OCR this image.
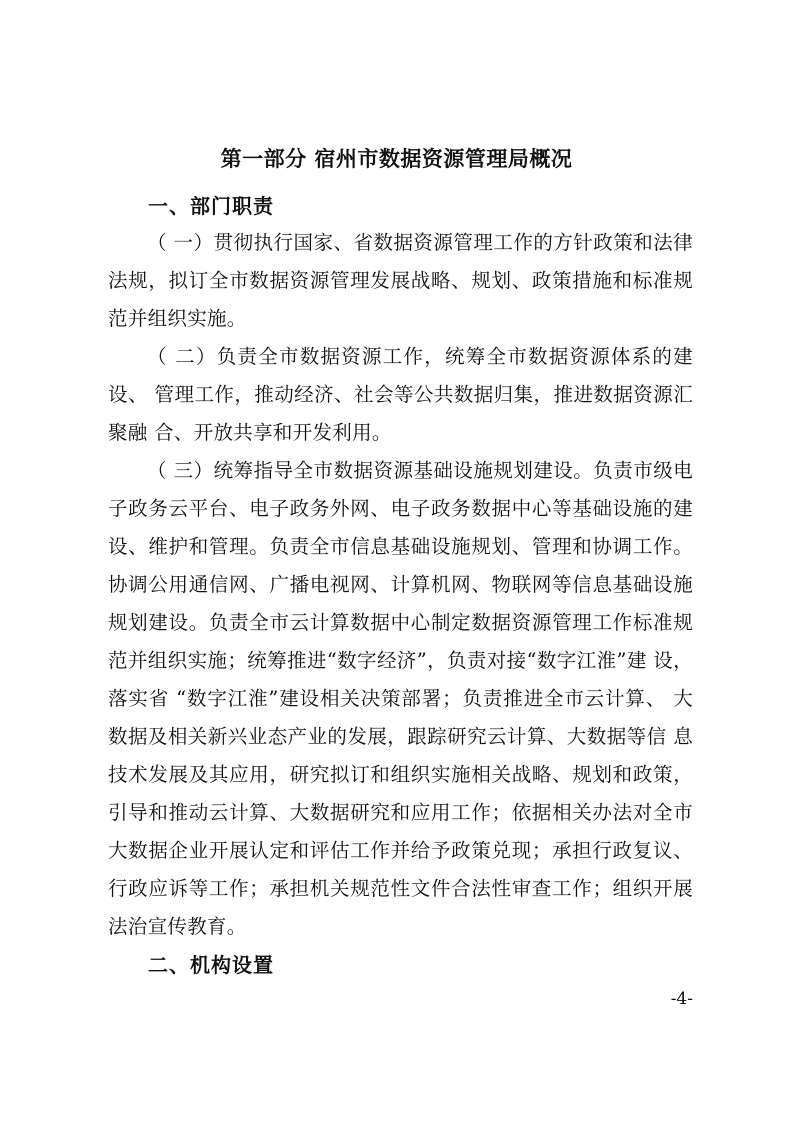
第一部分 宿州市数据资源管理局概况
一、部门职责

（ 一）贯彻执行国家、省数据资源管理工作的方针政策和法律 法规，拟订全市数据资源管理发展战略、规划、政策措施和标准规 范并组织实施。

（ 二）负责全市数据资源工作，统筹全市数据资源体系的建设、 管理工作，推动经济、社会等公共数据归集，推进数据资源汇聚融 合、开放共享和开发利用。

（ 三）统筹指导全市数据资源基础设施规划建设。负责市级电 子政务云平台、电子政务外网、电子政务数据中心等基础设施的建 设、维护和管理。负责全市信息基础设施规划、管理和协调工作。 协调公用通信网、广播电视网、计算机网、物联网等信息基础设施 规划建设。负责全市云计算数据中心制定数据资源管理工作标准规 范并组织实施；统筹推进“数字经济”，负责对接“数字江淮”建 设，落实省 “数字江淮”建设相关决策部署；负责推进全市云计算、 大数据及相关新兴业态产业的发展，跟踪研究云计算、大数据等信 息技术发展及其应用，研究拟订和组织实施相关战略、规划和政策， 引导和推动云计算、大数据研究和应用工作；依据相关办法对全市 大数据企业开展认定和评估工作并给予政策兑现；承担行政复议、 行政应诉等工作；承担机关规范性文件合法性审查工作；组织开展 法治宣传教育。

二、机构设置
-4-
